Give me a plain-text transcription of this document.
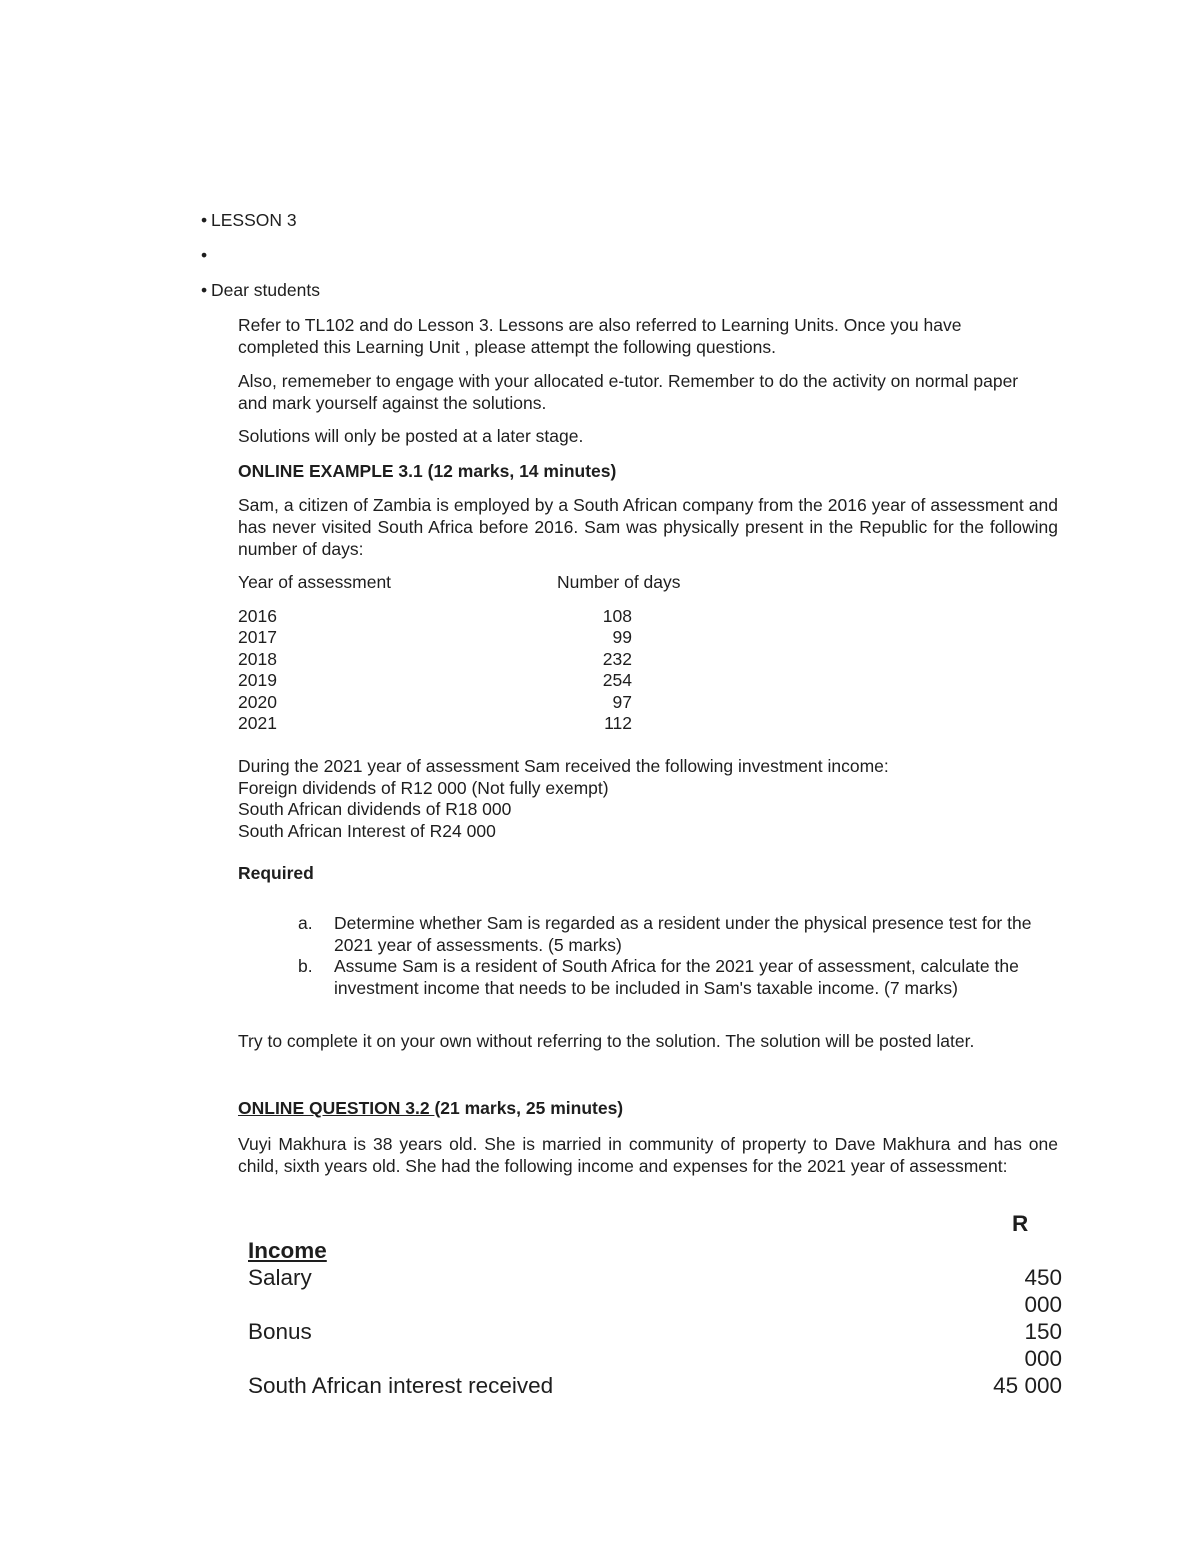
• LESSON 3
•
• Dear students
Refer to TL102 and do Lesson 3. Lessons are also referred to Learning Units. Once you have completed this Learning Unit , please attempt the following questions.
Also, rememeber to engage with your allocated e-tutor. Remember to do the activity on normal paper and mark yourself against the solutions.
Solutions will only be posted at a later stage.
ONLINE EXAMPLE 3.1 (12 marks, 14 minutes)
Sam, a citizen of Zambia is employed by a South African company from the 2016 year of assessment and has never visited South Africa before 2016. Sam was physically present in the Republic for the following number of days:
Year of assessment	Number of days
2016	108
2017	99
2018	232
2019	254
2020	97
2021	112
During the 2021 year of assessment Sam received the following investment income:
Foreign dividends of R12 000 (Not fully exempt)
South African dividends of R18 000
South African Interest of R24 000
Required
a.	Determine whether Sam is regarded as a resident under the physical presence test for the 2021 year of assessments. (5 marks)
b.	Assume Sam is a resident of South Africa for the 2021 year of assessment, calculate the investment income that needs to be included in Sam's taxable income. (7 marks)
Try to complete it on your own without referring to the solution. The solution will be posted later.
ONLINE QUESTION 3.2 (21 marks, 25 minutes)
Vuyi Makhura is 38 years old. She is married in community of property to Dave Makhura and has one child, sixth years old. She had the following income and expenses for the 2021 year of assessment:
R
Income
Salary	450
000
Bonus	150
000
South African interest received	45 000
